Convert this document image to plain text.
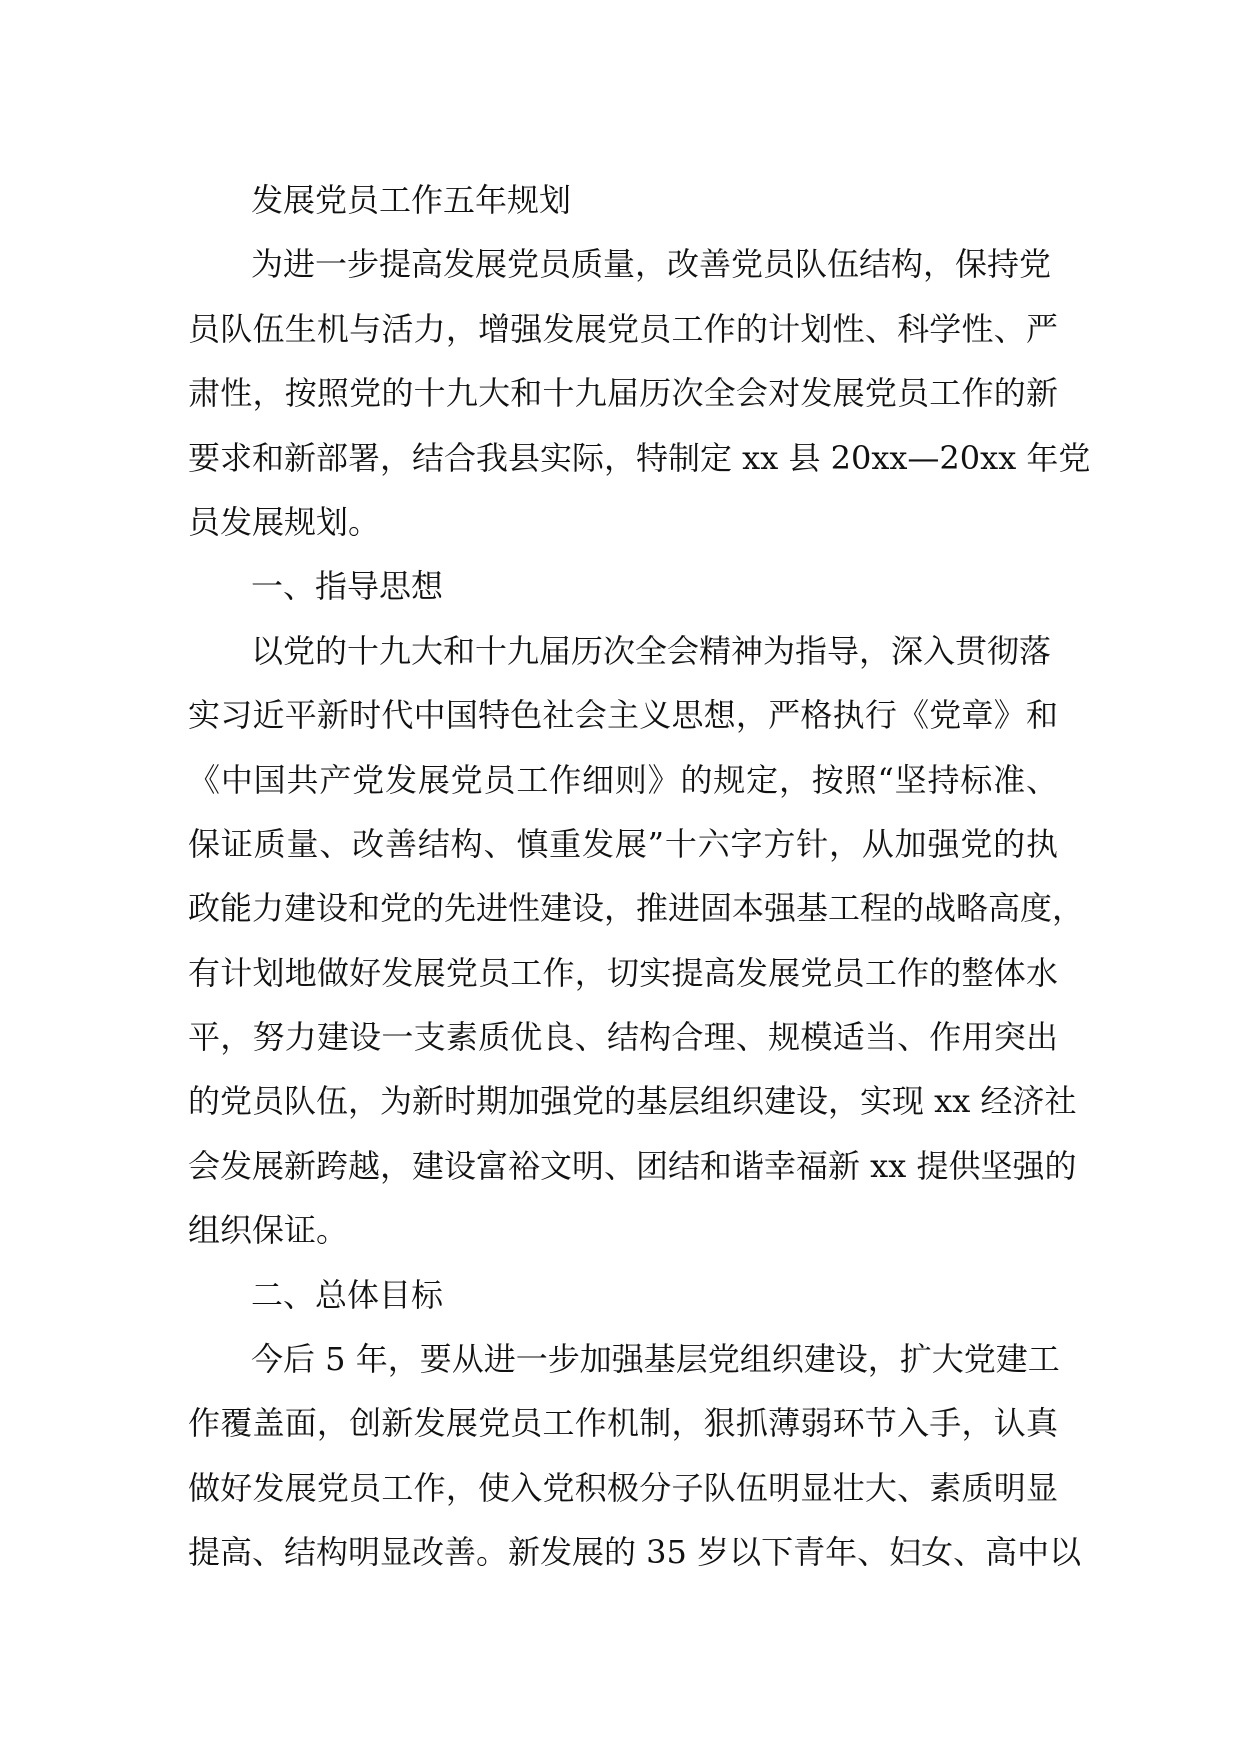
发展党员工作五年规划
为进一步提高发展党员质量，改善党员队伍结构，保持党
员队伍生机与活力，增强发展党员工作的计划性、科学性、严
肃性，按照党的十九大和十九届历次全会对发展党员工作的新
要求和新部署，结合我县实际，特制定 xx 县 20xx—20xx 年党
员发展规划。
一、指导思想
以党的十九大和十九届历次全会精神为指导，深入贯彻落
实习近平新时代中国特色社会主义思想，严格执行《党章》和
《中国共产党发展党员工作细则》的规定，按照“坚持标准、
保证质量、改善结构、慎重发展”十六字方针，从加强党的执
政能力建设和党的先进性建设，推进固本强基工程的战略高度，
有计划地做好发展党员工作，切实提高发展党员工作的整体水
平，努力建设一支素质优良、结构合理、规模适当、作用突出
的党员队伍，为新时期加强党的基层组织建设，实现 xx 经济社
会发展新跨越，建设富裕文明、团结和谐幸福新 xx 提供坚强的
组织保证。
二、总体目标
今后 5 年，要从进一步加强基层党组织建设，扩大党建工
作覆盖面，创新发展党员工作机制，狠抓薄弱环节入手，认真
做好发展党员工作，使入党积极分子队伍明显壮大、素质明显
提高、结构明显改善。新发展的 35 岁以下青年、妇女、高中以
